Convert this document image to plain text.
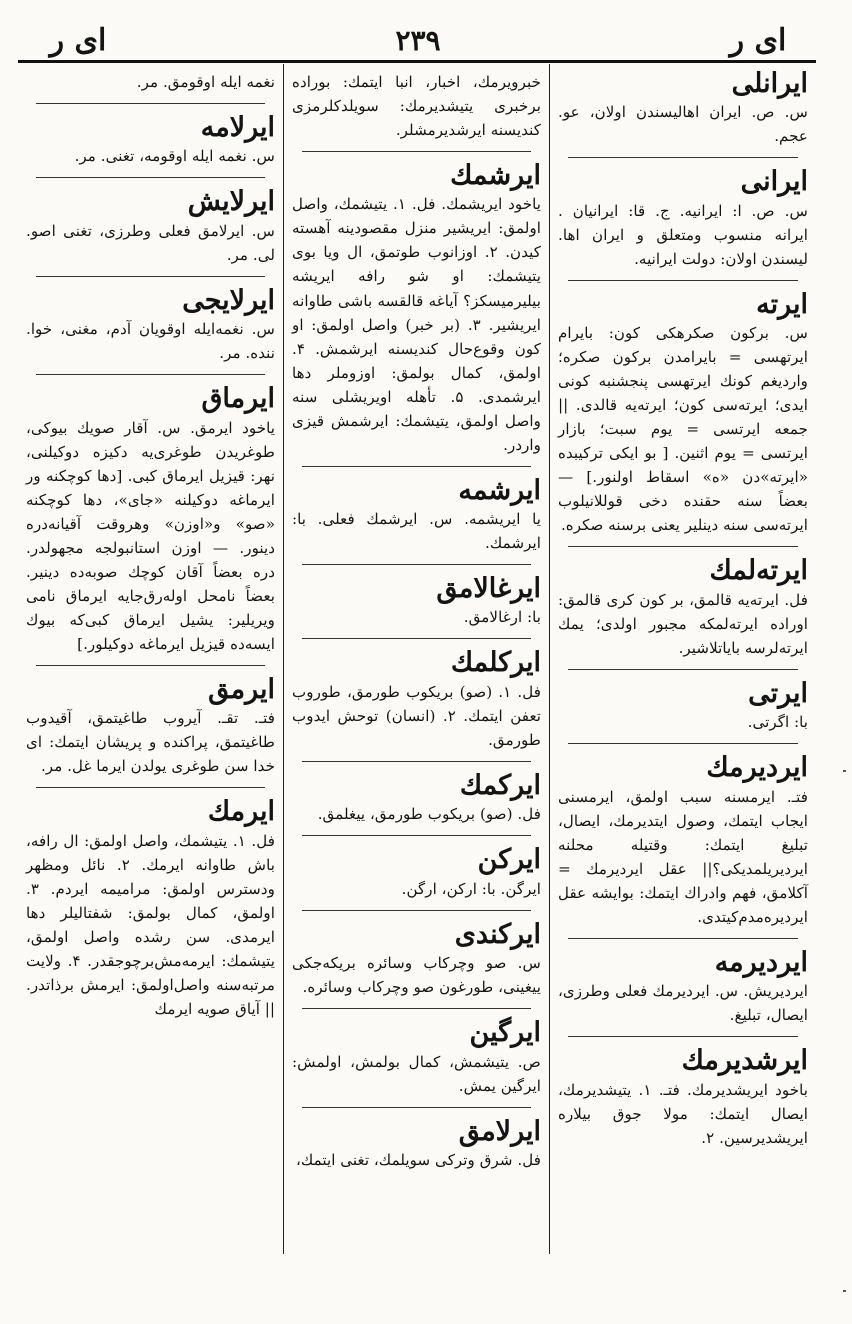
ای ر
۲۳۹
ای ر
ایرانلی
س. ص. ایران اهالیسندن اولان، عو. عجم.
ایرانی
س. ص. ا: ایرانیه. ج. قا: ایرانیان . ایرانه منسوب ومتعلق و ایران اها. لیسندن اولان: دولت ایرانیه.
ایرته
س. برکون صکرهکی کون: بایرام ایرتهسی = بایرامدن برکون صکره؛ واردیغم کونك ایرتهسی پنجشنبه کونی ایدی؛ ایرته‌سی کون؛ ایرته‌یه قالدی. || جمعه ایرتسی = یوم سبت؛ بازار ایرتسی = یوم اثنین. [ بو ایکی ترکیبده «ایرته»دن «ه» اسقاط اولنور.] — بعضاً سنه حقنده دخی قوللانیلوب ایرته‌سی سنه دینلیر یعنی برسنه صکره.
ایرته‌لمك
فل. ایرته‌یه قالمق، بر کون کری قالمق: اوراده ایرته‌لمکه مجبور اولدی؛ یمك ایرته‌لرسه بایاتلاشیر.
ایرتی
با: اگرتی.
ایردیرمك
فتـ. ایرمسنه سبب اولمق، ایرمسنی ایجاب ایتمك، وصول ایتدیرمك، ایصال، تبلیغ ایتمك: وقتیله محلنه ایردیریلمدیکی؟|| عقل ایردیرمك = آکلامق، فهم وادراك ایتمك: بوایشه عقل ایردیره‌مدم‌کیتدی.
ایردیرمه
ایردیریش. س. ایردیرمك فعلی وطرزی، ایصال، تبلیغ.
ایرشدیرمك
باخود ایریشدیرمك. فتـ. ۱. یتیشدیرمك، ایصال ایتمك: مولا جوق بیلاره ایریشدیرسین. ۲.
خبرویرمك، اخبار، انبا ایتمك: بوراده برخبری یتیشدیرمك: سویلدکلرمزی کندیسنه ایرشدیرمشلر.
ایرشمك
یاخود ایریشمك. فل. ۱. یتیشمك، واصل اولمق: ایریشیر منزل مقصودینه آهسته کیدن. ۲. اوزانوب طوتمق، ال ویا بوی یتیشمك: او شو رافه ایریشه بیلیرمیسکز؟ آیاغه قالقسه باشی طاوانه ایریشیر. ۳. (بر خبر) واصل اولمق: او کون وقوع‌حال کندیسنه ایرشمش. ۴. اولمق، کمال بولمق: اوزوملر دها ایرشمدی. ۵. تأهله اویریشلی سنه واصل اولمق، یتیشمك: ایرشمش قیزی واردر.
ایرشمه
یا ایریشمه. س. ایرشمك فعلی. با: ایرشمك.
ایرغالامق
با: ارغالامق.
ایرکلمك
فل. ۱. (صو) بریکوب طورمق، طوروب تعفن ایتمك. ۲. (انسان) توحش ایدوب طورمق.
ایرکمك
فل. (صو) بریکوب طورمق، ییغلمق.
ایرکن
ایرگن. با: ارکن، ارگن.
ایرکندی
س. صو وچرکاب وسائره بریکه‌جکی ییغینی، طورغون صو وچرکاب وسائره.
ایرگین
ص. یتیشمش، کمال بولمش، اولمش: ایرگین یمش.
ایرلامق
فل. شرق وترکی سویلمك، تغنی ایتمك،
نغمه ایله اوقومق. مر.
ایرلامه
س. نغمه ایله اوقومه، تغنی. مر.
ایرلایش
س. ایرلامق فعلی وطرزی، تغنی اصو. لی. مر.
ایرلایجی
س. نغمه‌ایله اوقویان آدم، مغنی، خوا. ننده. مر.
ایرماق
یاخود ایرمق. س. آقار صویك بیوکی، طوغریدن طوغری‌یه دکیزه دوکیلنی، نهر: قیزیل ایرماق کبی. [دها کوچکنه ور ایرماغه دوکیلنه «جای»، دها کوچکنه «صو» و«اوزن» وهروقت آقیانه‌دره دینور. — اوزن استانبولجه مجهولدر. دره بعضاً آقان کوچك صوبه‌ده دینیر. بعضاً نامحل اولەرق‌جایه ایرماق نامی ویریلیر: یشیل ایرماق کبی‌که بیوك ایسه‌ده قیزیل ایرماغه دوکیلور.]
ایرمق
فتـ. تقـ. آیروب طاغیتمق، آقیدوب طاغیتمق، پراکنده و پریشان ایتمك: ای خدا سن طوغری یولدن ایرما غل. مر.
ایرمك
فل. ۱. یتیشمك، واصل اولمق: ال رافه، باش طاوانه ایرمك. ۲. نائل ومظهر ودسترس اولمق: مرامیمه ایردم. ۳. اولمق، کمال بولمق: شفتالیلر دها ایرمدی. سن رشده واصل اولمق، یتیشمك: ایرمه‌مش‌برچوجقدر. ۴. ولایت مرتبه‌سنه واصل‌اولمق: ایرمش برذاتدر. || آیاق صویه ایرمك
